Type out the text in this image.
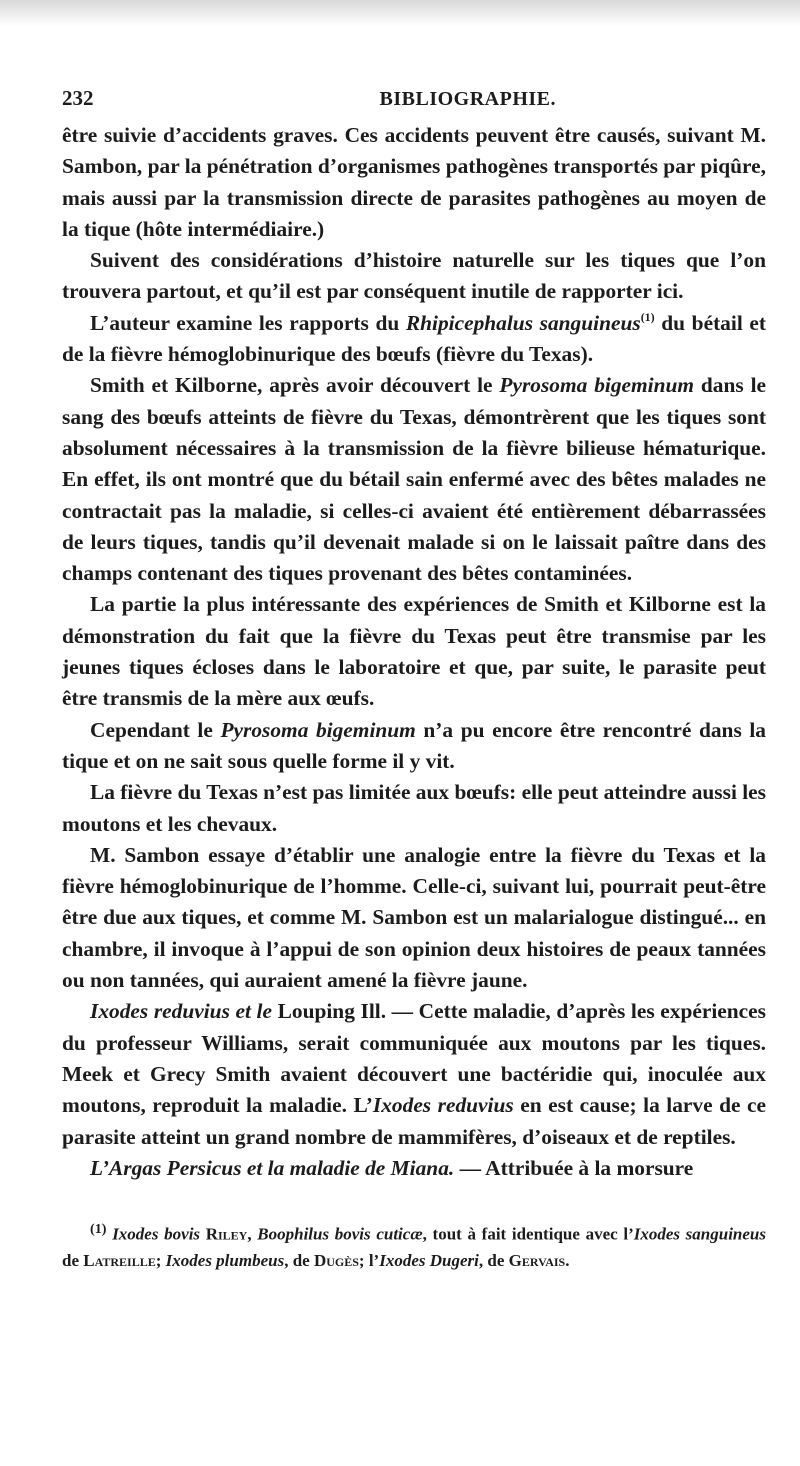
232	BIBLIOGRAPHIE.

être suivie d’accidents graves. Ces accidents peuvent être causés, suivant M. Sambon, par la pénétration d’organismes pathogènes transportés par piqûre, mais aussi par la transmission directe de parasites pathogènes au moyen de la tique (hôte intermédiaire.)

Suivent des considérations d’histoire naturelle sur les tiques que l’on trouvera partout, et qu’il est par conséquent inutile de rapporter ici.

L’auteur examine les rapports du Rhipicephalus sanguineus$^{(1)}$ du bétail et de la fièvre hémoglobinurique des bœufs (fièvre du Texas).

Smith et Kilborne, après avoir découvert le Pyrosoma bigeminum dans le sang des bœufs atteints de fièvre du Texas, démontrèrent que les tiques sont absolument nécessaires à la transmission de la fièvre bilieuse hématurique. En effet, ils ont montré que du bétail sain enfermé avec des bêtes malades ne contractait pas la maladie, si celles-ci avaient été entièrement débarrassées de leurs tiques, tandis qu’il devenait malade si on le laissait paître dans des champs contenant des tiques provenant des bêtes contaminées.

La partie la plus intéressante des expériences de Smith et Kilborne est la démonstration du fait que la fièvre du Texas peut être transmise par les jeunes tiques écloses dans le laboratoire et que, par suite, le parasite peut être transmis de la mère aux œufs.

Cependant le Pyrosoma bigeminum n’a pu encore être rencontré dans la tique et on ne sait sous quelle forme il y vit.

La fièvre du Texas n’est pas limitée aux bœufs: elle peut atteindre aussi les moutons et les chevaux.

M. Sambon essaye d’établir une analogie entre la fièvre du Texas et la fièvre hémoglobinurique de l’homme. Celle-ci, suivant lui, pourrait peut-être être due aux tiques, et comme M. Sambon est un malarialogue distingué... en chambre, il invoque à l’appui de son opinion deux histoires de peaux tannées ou non tannées, qui auraient amené la fièvre jaune.

Ixodes reduvius et le Louping Ill. — Cette maladie, d’après les expériences du professeur Williams, serait communiquée aux moutons par les tiques. Meek et Grecy Smith avaient découvert une bactéridie qui, inoculée aux moutons, reproduit la maladie. L’Ixodes reduvius en est cause; la larve de ce parasite atteint un grand nombre de mammifères, d’oiseaux et de reptiles.

L’Argas Persicus et la maladie de Miana. — Attribuée à la morsure

$^{(1)}$ Ixodes bovis Riley, Boophilus bovis cuticæ, tout à fait identique avec l’Ixodes sanguineus de Latreille; Ixodes plumbeus, de Dugès; l’Ixodes Dugeri, de Gervais.
